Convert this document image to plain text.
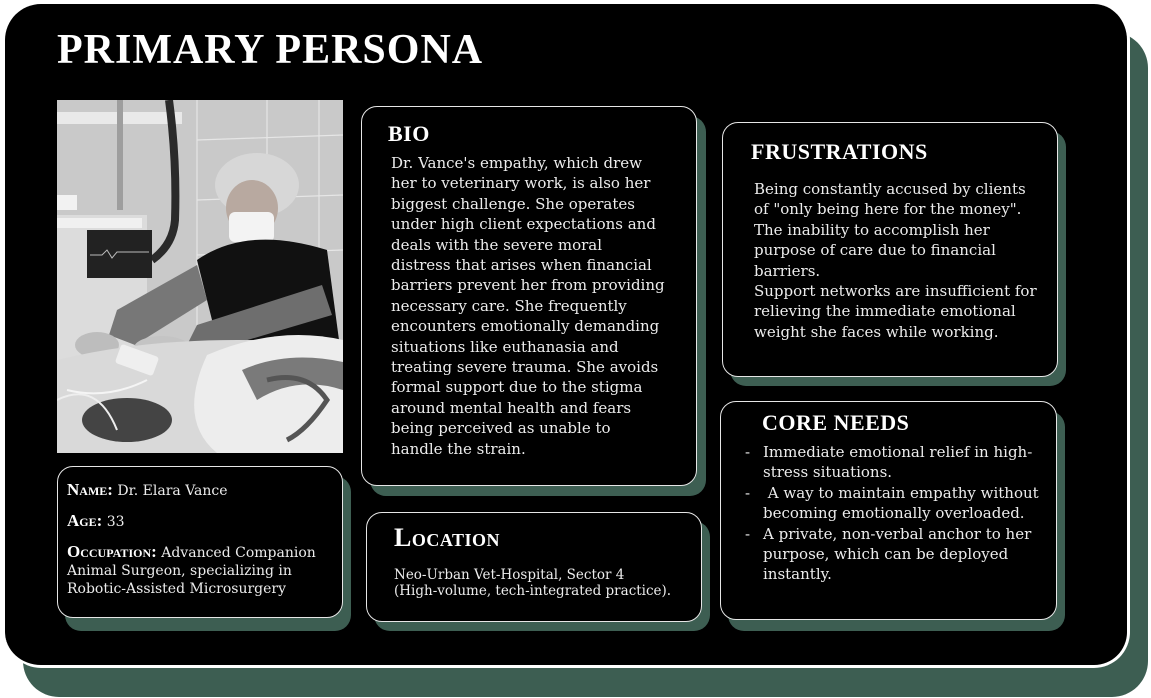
PRIMARY PERSONA

Name: Dr. Elara Vance

Age: 33

Occupation: Advanced Companion Animal Surgeon, specializing in Robotic-Assisted Microsurgery

BIO
Dr. Vance's empathy, which drew her to veterinary work, is also her biggest challenge. She operates under high client expectations and deals with the severe moral distress that arises when financial barriers prevent her from providing necessary care. She frequently encounters emotionally demanding situations like euthanasia and treating severe trauma. She avoids formal support due to the stigma around mental health and fears being perceived as unable to handle the strain.
Location
Neo-Urban Vet-Hospital, Sector 4
(High-volume, tech-integrated practice).
FRUSTRATIONS
Being constantly accused by clients of "only being here for the money".
The inability to accomplish her purpose of care due to financial barriers.
Support networks are insufficient for relieving the immediate emotional weight she faces while working.
CORE NEEDS
- Immediate emotional relief in high-stress situations.
- A way to maintain empathy without becoming emotionally overloaded.
- A private, non-verbal anchor to her purpose, which can be deployed instantly.
